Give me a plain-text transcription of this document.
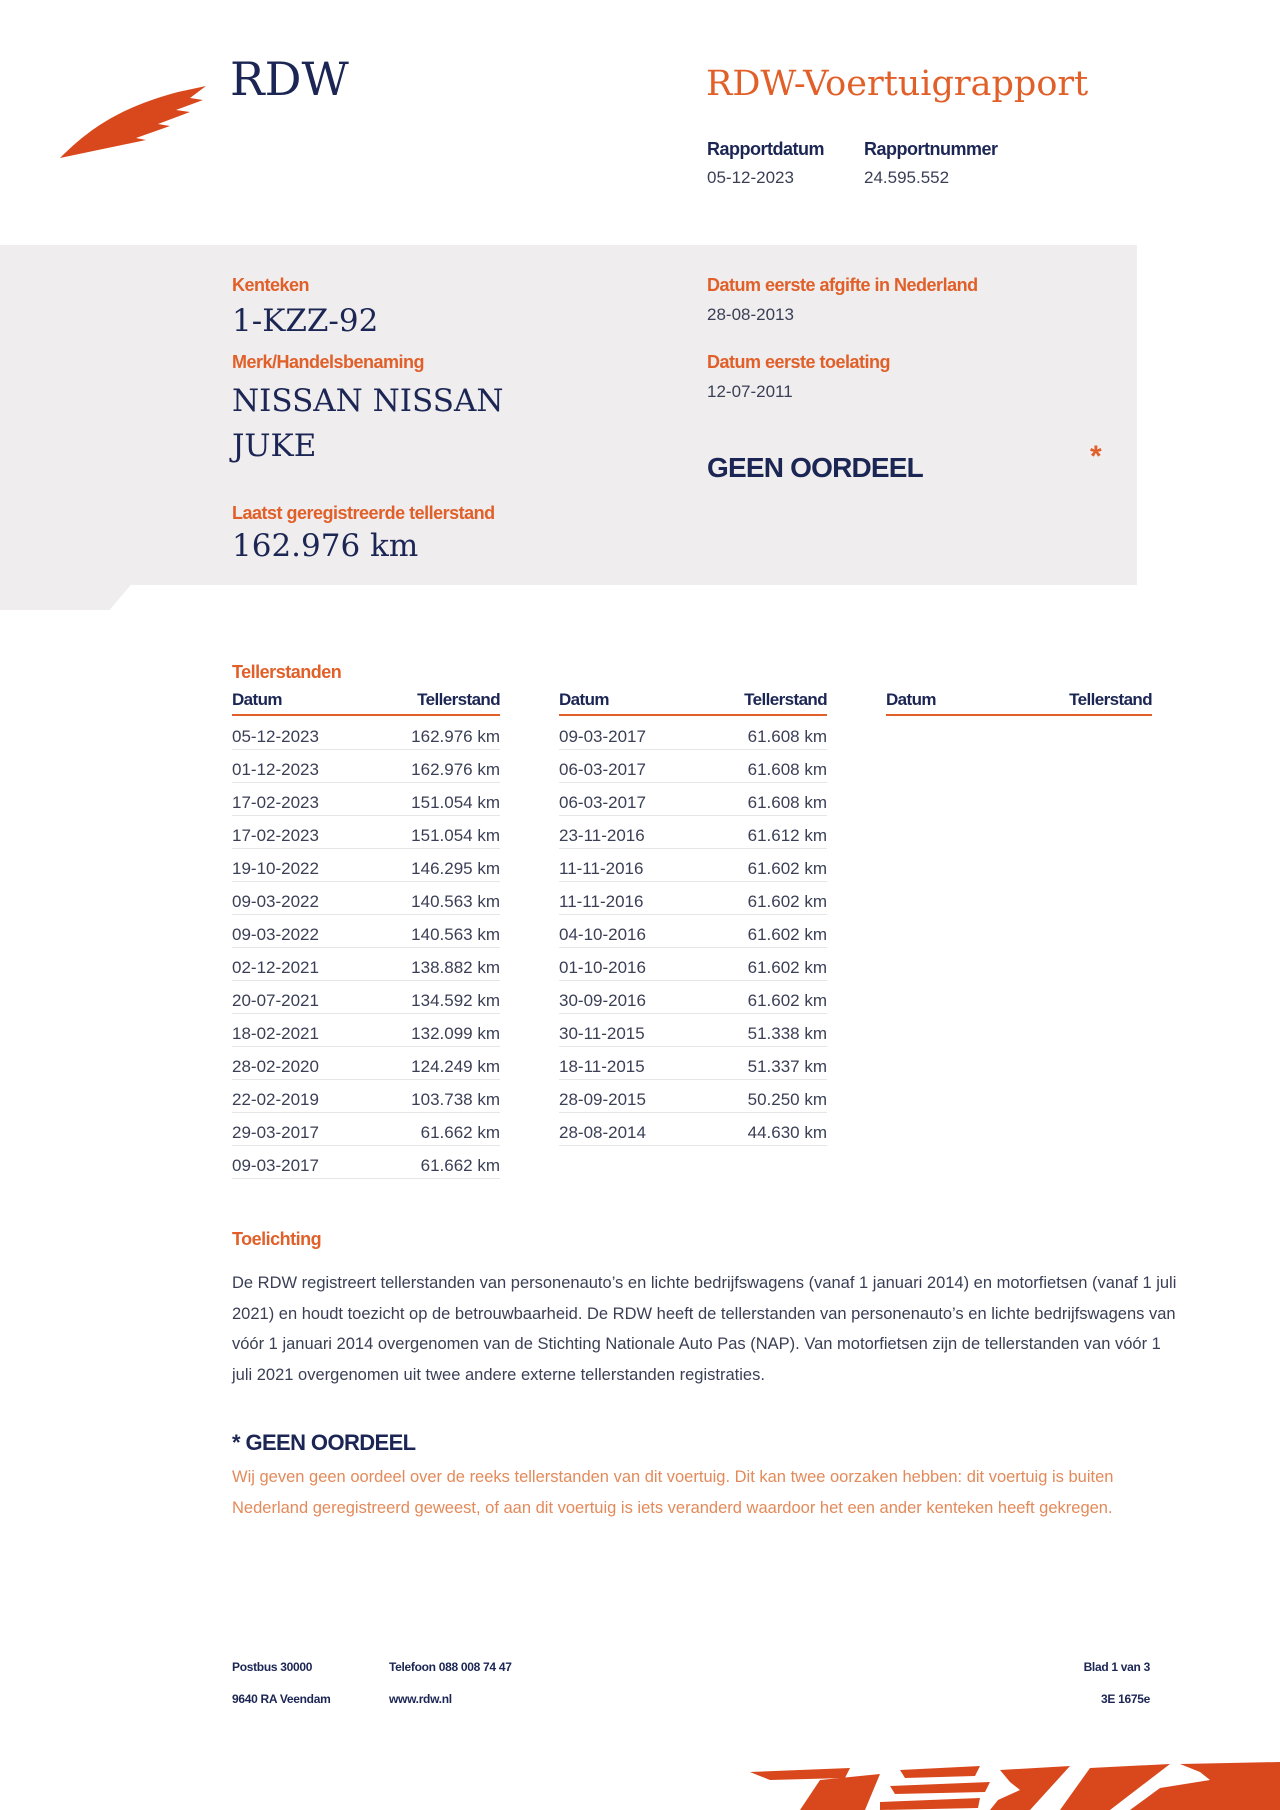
RDW	RDW-Voertuigrapport
Rapportdatum
05-12-2023
Rapportnummer
24.595.552
Kenteken
1-KZZ-92
Merk/Handelsbenaming
NISSAN NISSAN
JUKE
Laatst geregistreerde tellerstand
162.976 km
Datum eerste afgifte in Nederland
28-08-2013
Datum eerste toelating
12-07-2011
GEEN OORDEEL	*
Tellerstanden
Datum	Tellerstand
05-12-2023	162.976 km
01-12-2023	162.976 km
17-02-2023	151.054 km
17-02-2023	151.054 km
19-10-2022	146.295 km
09-03-2022	140.563 km
09-03-2022	140.563 km
02-12-2021	138.882 km
20-07-2021	134.592 km
18-02-2021	132.099 km
28-02-2020	124.249 km
22-02-2019	103.738 km
29-03-2017	61.662 km
09-03-2017	61.662 km
Datum	Tellerstand
09-03-2017	61.608 km
06-03-2017	61.608 km
06-03-2017	61.608 km
23-11-2016	61.612 km
11-11-2016	61.602 km
11-11-2016	61.602 km
04-10-2016	61.602 km
01-10-2016	61.602 km
30-09-2016	61.602 km
30-11-2015	51.338 km
18-11-2015	51.337 km
28-09-2015	50.250 km
28-08-2014	44.630 km
Datum	Tellerstand
Toelichting
De RDW registreert tellerstanden van personenauto’s en lichte bedrijfswagens (vanaf 1 januari 2014) en motorfietsen (vanaf 1 juli 2021) en houdt toezicht op de betrouwbaarheid. De RDW heeft de tellerstanden van personenauto’s en lichte bedrijfswagens van vóór 1 januari 2014 overgenomen van de Stichting Nationale Auto Pas (NAP). Van motorfietsen zijn de tellerstanden van vóór 1 juli 2021 overgenomen uit twee andere externe tellerstanden registraties.
* GEEN OORDEEL
Wij geven geen oordeel over de reeks tellerstanden van dit voertuig. Dit kan twee oorzaken hebben: dit voertuig is buiten Nederland geregistreerd geweest, of aan dit voertuig is iets veranderd waardoor het een ander kenteken heeft gekregen.
Postbus 30000
9640 RA Veendam
Telefoon 088 008 74 47
www.rdw.nl
Blad 1 van 3
3E 1675e
